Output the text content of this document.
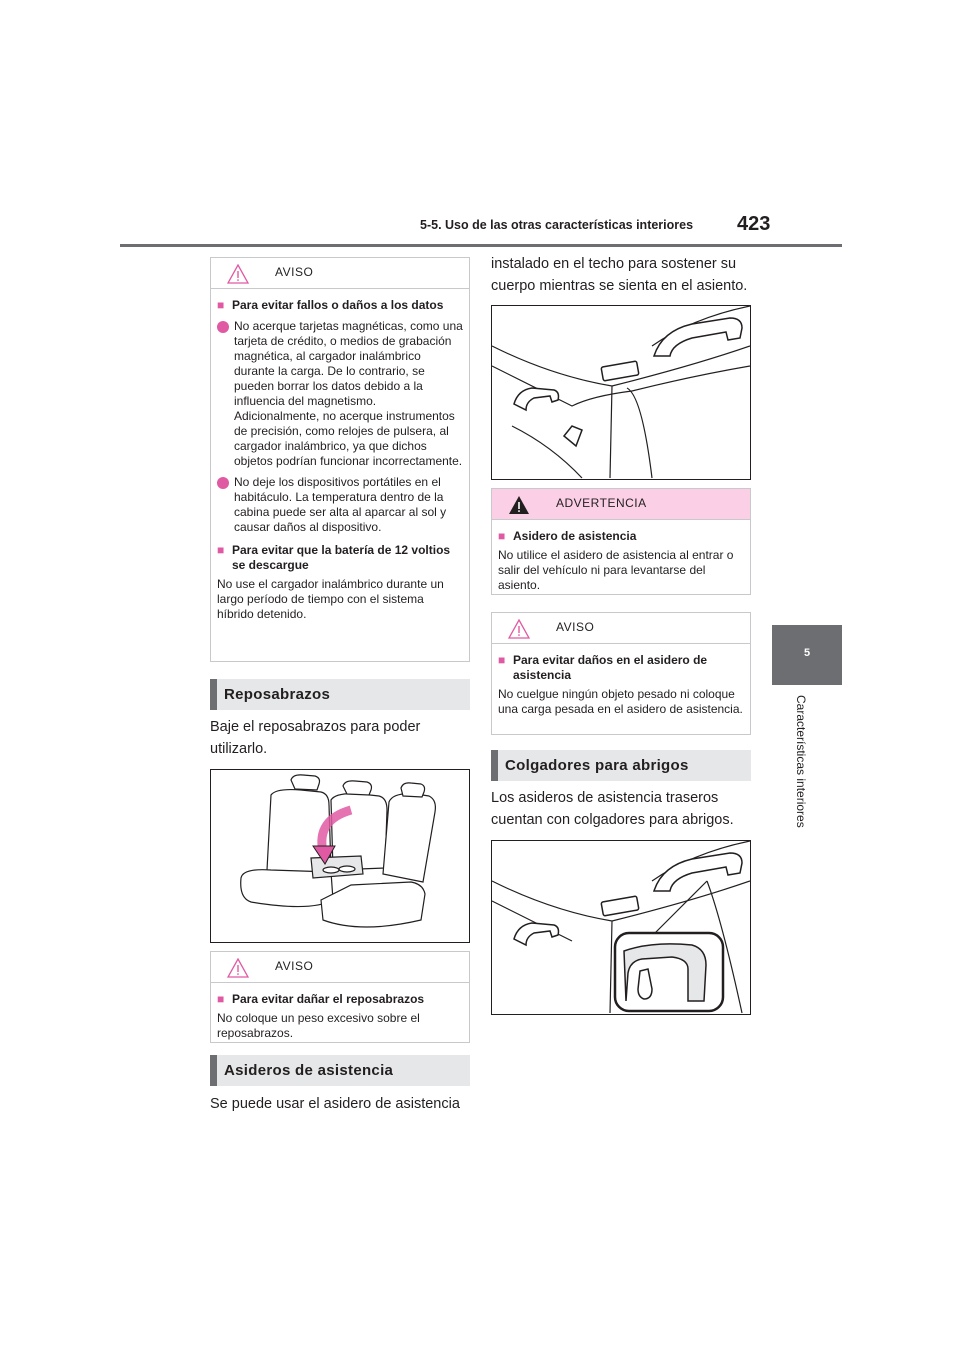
5-5. Uso de las otras características interiores 423
5
Características interiores
AVISO
■ Para evitar fallos o daños a los datos
No acerque tarjetas magnéticas, como una tarjeta de crédito, o medios de grabación magnética, al cargador inalámbrico durante la carga. De lo contrario, se pueden borrar los datos debido a la influencia del magnetismo. Adicionalmente, no acerque instrumentos de precisión, como relojes de pulsera, al cargador inalámbrico, ya que dichos objetos podrían funcionar incorrectamente.
No deje los dispositivos portátiles en el habitáculo. La temperatura dentro de la cabina puede ser alta al aparcar al sol y causar daños al dispositivo.
■ Para evitar que la batería de 12 voltios se descargue
No use el cargador inalámbrico durante un largo período de tiempo con el sistema híbrido detenido.
Reposabrazos
Baje el reposabrazos para poder utilizarlo.
AVISO
■ Para evitar dañar el reposabrazos
No coloque un peso excesivo sobre el reposabrazos.
Asideros de asistencia
Se puede usar el asidero de asistencia
instalado en el techo para sostener su cuerpo mientras se sienta en el asiento.
ADVERTENCIA
■ Asidero de asistencia
No utilice el asidero de asistencia al entrar o salir del vehículo ni para levantarse del asiento.
AVISO
■ Para evitar daños en el asidero de asistencia
No cuelgue ningún objeto pesado ni coloque una carga pesada en el asidero de asistencia.
Colgadores para abrigos
Los asideros de asistencia traseros cuentan con colgadores para abrigos.
